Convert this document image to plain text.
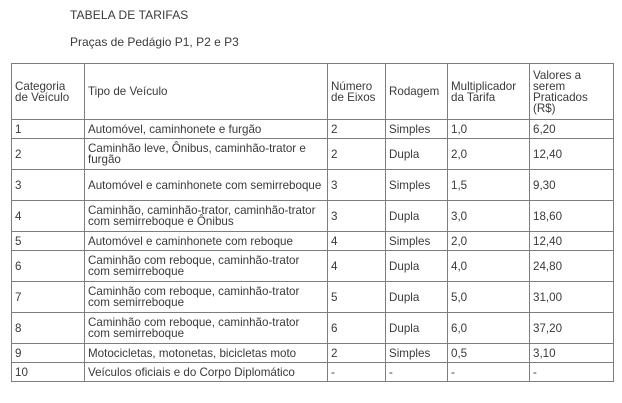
TABELA DE TARIFAS
Praças de Pedágio P1, P2 e P3
Categoria de Veículo	Tipo de Veículo	Número de Eixos	Rodagem	Multiplicador da Tarifa	Valores a serem Praticados (R$)
1	Automóvel, caminhonete e furgão	2	Simples	1,0	6,20
2	Caminhão leve, Ônibus, caminhão-trator e furgão	2	Dupla	2,0	12,40
3	Automóvel e caminhonete com semirreboque	3	Simples	1,5	9,30
4	Caminhão, caminhão-trator, caminhão-trator com semirreboque e Ônibus	3	Dupla	3,0	18,60
5	Automóvel e caminhonete com reboque	4	Simples	2,0	12,40
6	Caminhão com reboque, caminhão-trator com semirreboque	4	Dupla	4,0	24,80
7	Caminhão com reboque, caminhão-trator com semirreboque	5	Dupla	5,0	31,00
8	Caminhão com reboque, caminhão-trator com semirreboque	6	Dupla	6,0	37,20
9	Motocicletas, motonetas, bicicletas moto	2	Simples	0,5	3,10
10	Veículos oficiais e do Corpo Diplomático	-	-	-	-
